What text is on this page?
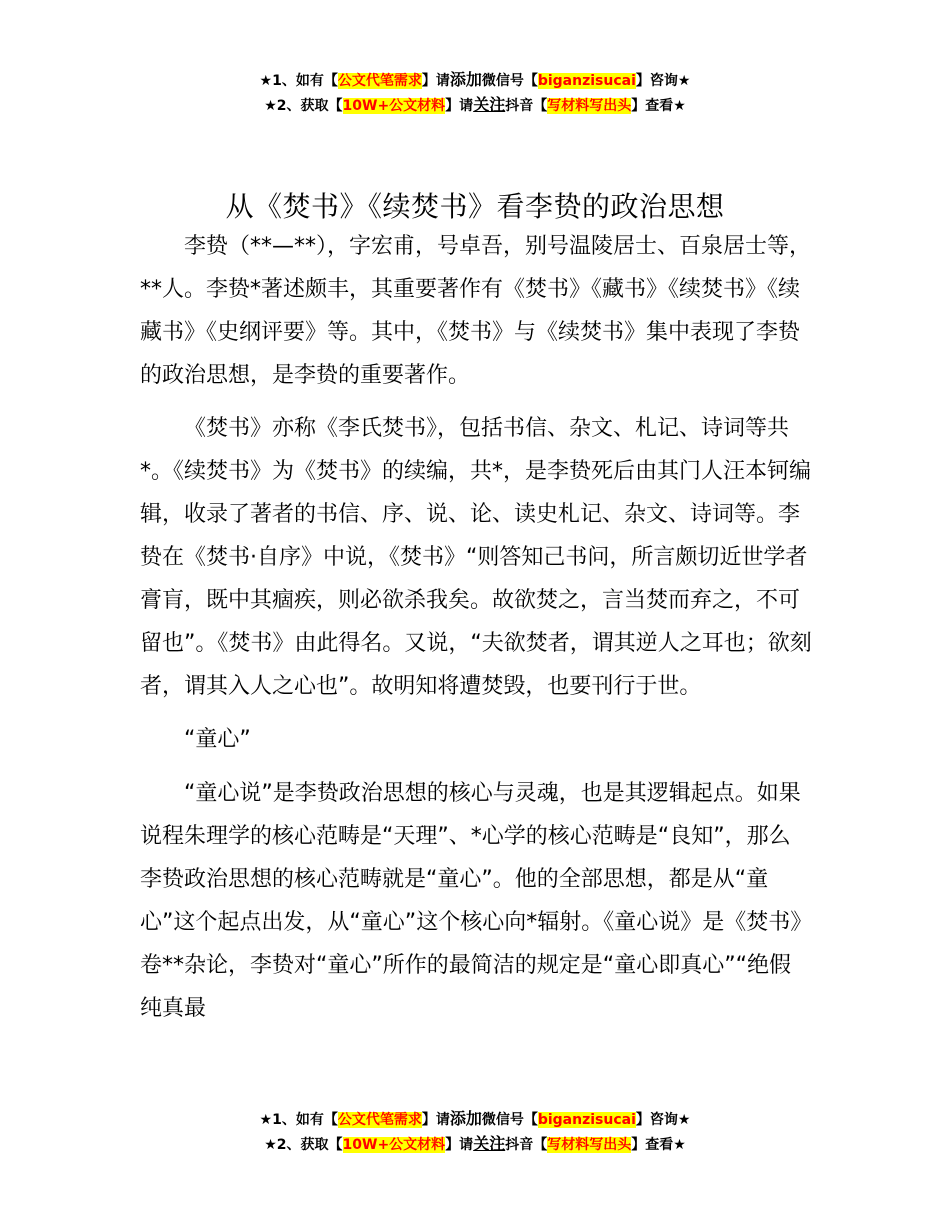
★1、如有【公文代笔需求】请添加微信号【biganzisucai】咨询★
★2、获取【10W+公文材料】请关注抖音【写材料写出头】查看★
从《焚书》《续焚书》看李贽的政治思想

李贽（**—**），字宏甫，号卓吾，别号温陵居士、百泉居士等，**人。李贽*著述颇丰，其重要著作有《焚书》《藏书》《续焚书》《续藏书》《史纲评要》等。其中，《焚书》与《续焚书》集中表现了李贽的政治思想，是李贽的重要著作。

《焚书》亦称《李氏焚书》，包括书信、杂文、札记、诗词等共*。《续焚书》为《焚书》的续编，共*，是李贽死后由其门人汪本钶编辑，收录了著者的书信、序、说、论、读史札记、杂文、诗词等。李贽在《焚书·自序》中说，《焚书》“则答知己书问，所言颇切近世学者膏肓，既中其痼疾，则必欲杀我矣。故欲焚之，言当焚而弃之，不可留也”。《焚书》由此得名。又说，“夫欲焚者，谓其逆人之耳也；欲刻者，谓其入人之心也”。故明知将遭焚毁，也要刊行于世。

“童心”

“童心说”是李贽政治思想的核心与灵魂，也是其逻辑起点。如果说程朱理学的核心范畴是“天理”、*心学的核心范畴是“良知”，那么李贽政治思想的核心范畴就是“童心”。他的全部思想，都是从“童心”这个起点出发，从“童心”这个核心向*辐射。《童心说》是《焚书》卷**杂论，李贽对“童心”所作的最简洁的规定是“童心即真心”“绝假纯真最

★1、如有【公文代笔需求】请添加微信号【biganzisucai】咨询★
★2、获取【10W+公文材料】请关注抖音【写材料写出头】查看★
